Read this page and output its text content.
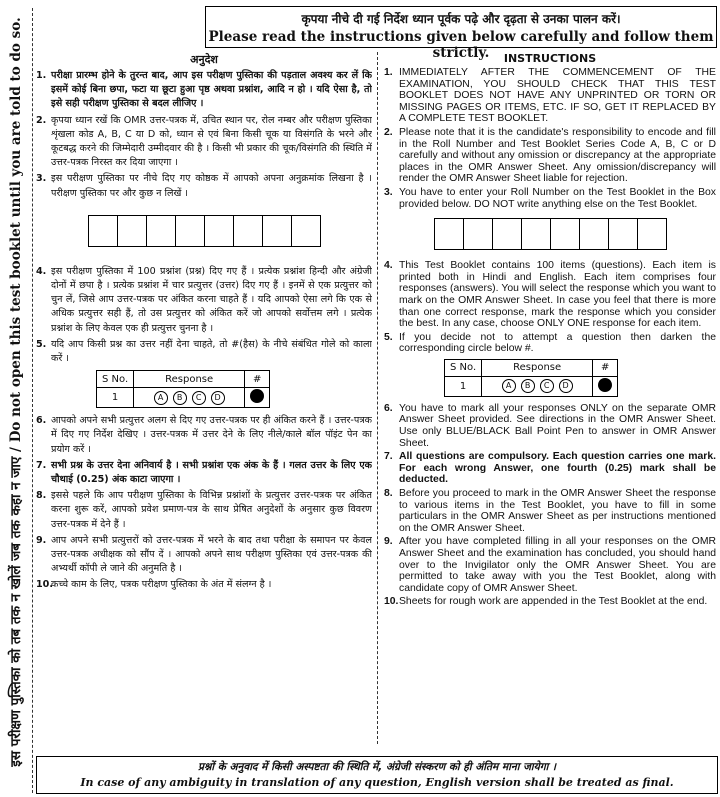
इस परीक्षण पुस्तिका को तब तक न खोलें जब तक कहा न जाए / Do not open this test booklet until you are told to do so.	कृपया नीचे दी गई निर्देश ध्यान पूर्वक पढ़े और दृढ़ता से उनका पालन करें।
Please read the instructions given below carefully and follow them strictly.
अनुदेश
1. परीक्षा प्रारम्भ होने के तुरन्त बाद, आप इस परीक्षण पुस्तिका की पड़ताल अवश्य कर लें कि इसमें कोई बिना छपा, फटा या छूटा हुआ पृष्ठ अथवा प्रश्नांश, आदि न हो । यदि ऐसा है, तो इसे सही परीक्षण पुस्तिका से बदल लीजिए ।
2. कृपया ध्यान रखें कि OMR उत्तर-पत्रक में, उचित स्थान पर, रोल नम्बर और परीक्षण पुस्तिका शृंखला कोड A, B, C या D को, ध्यान से एवं बिना किसी चूक या विसंगति के भरने और कूटबद्ध करने की जिम्मेदारी उम्मीदवार की है । किसी भी प्रकार की चूक/विसंगति की स्थिति में उत्तर-पत्रक निरस्त कर दिया जाएगा ।
3. इस परीक्षण पुस्तिका पर नीचे दिए गए कोष्ठक में आपको अपना अनुक्रमांक लिखना है । परीक्षण पुस्तिका पर और कुछ न लिखें ।
4. इस परीक्षण पुस्तिका में 100 प्रश्नांश (प्रश्न) दिए गए हैं । प्रत्येक प्रश्नांश हिन्दी और अंग्रेजी दोनों में छपा है । प्रत्येक प्रश्नांश में चार प्रत्युत्तर (उत्तर) दिए गए हैं । इनमें से एक प्रत्युत्तर को चुन लें, जिसे आप उत्तर-पत्रक पर अंकित करना चाहते हैं । यदि आपको ऐसा लगे कि एक से अधिक प्रत्युत्तर सही हैं, तो उस प्रत्युत्तर को अंकित करें जो आपको सर्वोत्तम लगे । प्रत्येक प्रश्नांश के लिए केवल एक ही प्रत्युत्तर चुनना है ।
5. यदि आप किसी प्रश्न का उत्तर नहीं देना चाहते, तो #(हैस) के नीचे संबंधित गोले को काला करें ।
S No.	Response	#
1	A B C D	

6. आपको अपने सभी प्रत्युत्तर अलग से दिए गए उत्तर-पत्रक पर ही अंकित करने हैं । उत्तर-पत्रक में दिए गए निर्देश देखिए । उत्तर-पत्रक में उत्तर देने के लिए नीले/काले बॉल पॉइंट पेन का प्रयोग करें ।
7. सभी प्रश्न के उत्तर देना अनिवार्य है । सभी प्रश्नांश एक अंक के हैं । गलत उत्तर के लिए एक चौथाई (0.25) अंक काटा जाएगा ।
8. इससे पहले कि आप परीक्षण पुस्तिका के विभिन्न प्रश्नांशों के प्रत्युत्तर उत्तर-पत्रक पर अंकित करना शुरू करें, आपको प्रवेश प्रमाण-पत्र के साथ प्रेषित अनुदेशों के अनुसार कुछ विवरण उत्तर-पत्रक में देने हैं ।
9. आप अपने सभी प्रत्युत्तरों को उत्तर-पत्रक में भरने के बाद तथा परीक्षा के समापन पर केवल उत्तर-पत्रक अधीक्षक को सौंप दें । आपको अपने साथ परीक्षण पुस्तिका एवं उत्तर-पत्रक की अभ्यर्थी कॉपी ले जाने की अनुमति है ।
10.
कच्चे काम के लिए, पत्रक परीक्षण पुस्तिका के अंत में संलग्न है ।
INSTRUCTIONS
1. IMMEDIATELY AFTER THE COMMENCEMENT OF THE EXAMINATION, YOU SHOULD CHECK THAT THIS TEST BOOKLET DOES NOT HAVE ANY UNPRINTED OR TORN OR MISSING PAGES OR ITEMS, ETC. IF SO, GET IT REPLACED BY A COMPLETE TEST BOOKLET.
2. Please note that it is the candidate's responsibility to encode and fill in the Roll Number and Test Booklet Series Code A, B, C or D carefully and without any omission or discrepancy at the appropriate places in the OMR Answer Sheet. Any omission/discrepancy will render the OMR Answer Sheet liable for rejection.
3. You have to enter your Roll Number on the Test Booklet in the Box provided below. DO NOT write anything else on the Test Booklet.
4. This Test Booklet contains 100 items (questions). Each item is printed both in Hindi and English. Each item comprises four responses (answers). You will select the response which you want to mark on the OMR Answer Sheet. In case you feel that there is more than one correct response, mark the response which you consider the best. In any case, choose ONLY ONE response for each item.
5. If you decide not to attempt a question then darken the corresponding circle below #.
S No.	Response	#
1	A B C D	

6. You have to mark all your responses ONLY on the separate OMR Answer Sheet provided. See directions in the OMR Answer Sheet. Use only BLUE/BLACK Ball Point Pen to answer in OMR Answer Sheet.
7. All questions are compulsory. Each question carries one mark. For each wrong Answer, one fourth (0.25) mark shall be deducted.
8. Before you proceed to mark in the OMR Answer Sheet the response to various items in the Test Booklet, you have to fill in some particulars in the OMR Answer Sheet as per instructions mentioned on the OMR Answer Sheet.
9. After you have completed filling in all your responses on the OMR Answer Sheet and the examination has concluded, you should hand over to the Invigilator only the OMR Answer Sheet. You are permitted to take away with you the Test Booklet, along with candidate copy of OMR Answer Sheet.
10. Sheets for rough work are appended in the Test Booklet at the end.
प्रश्नों के अनुवाद में किसी अस्पष्टता की स्थिति में, अंग्रेजी संस्करण को ही अंतिम माना जायेगा ।
In case of any ambiguity in translation of any question, English version shall be treated as final.
